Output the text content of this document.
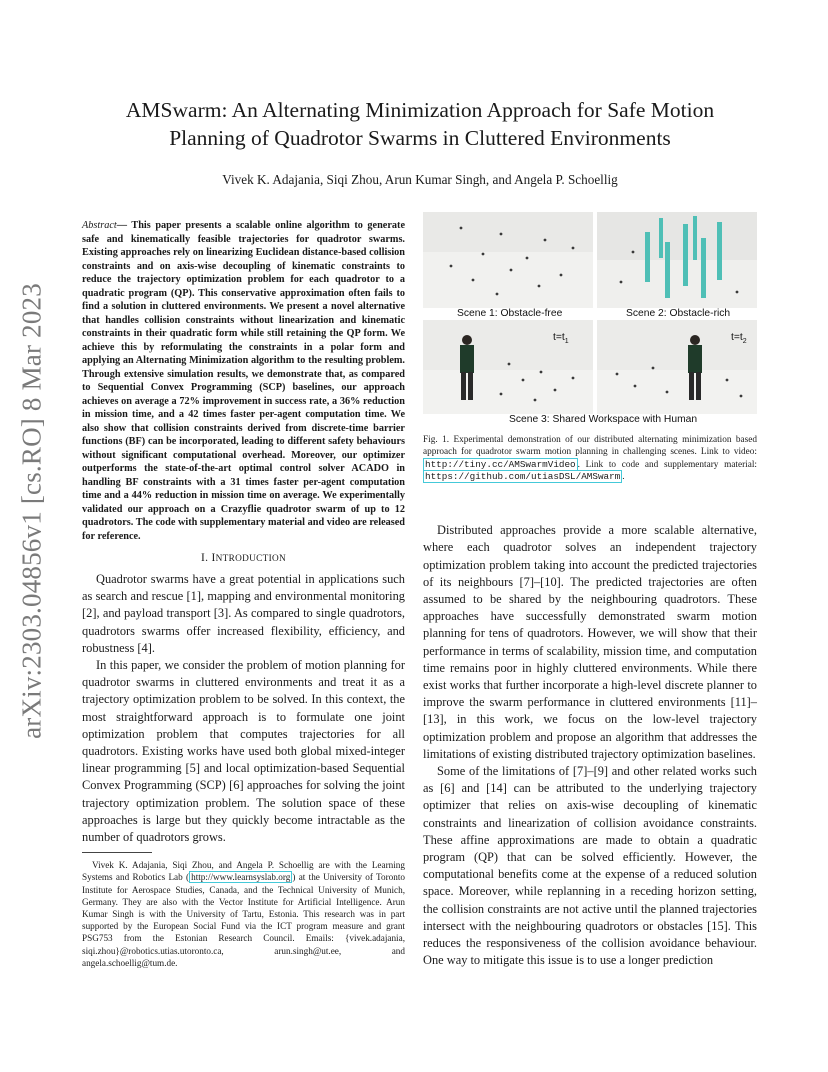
arXiv:2303.04856v1 [cs.RO] 8 Mar 2023
AMSwarm: An Alternating Minimization Approach for Safe Motion
Planning of Quadrotor Swarms in Cluttered Environments

Vivek K. Adajania, Siqi Zhou, Arun Kumar Singh, and Angela P. Schoellig

Abstract— This paper presents a scalable online algorithm to generate safe and kinematically feasible trajectories for quadrotor swarms. Existing approaches rely on linearizing Euclidean distance-based collision constraints and on axis-wise decoupling of kinematic constraints to reduce the trajectory optimization problem for each quadrotor to a quadratic program (QP). This conservative approximation often fails to find a solution in cluttered environments. We present a novel alternative that handles collision constraints without linearization and kinematic constraints in their quadratic form while still retaining the QP form. We achieve this by reformulating the constraints in a polar form and applying an Alternating Minimization algorithm to the resulting problem. Through extensive simulation results, we demonstrate that, as compared to Sequential Convex Programming (SCP) baselines, our approach achieves on average a 72% improvement in success rate, a 36% reduction in mission time, and a 42 times faster per-agent computation time. We also show that collision constraints derived from discrete-time barrier functions (BF) can be incorporated, leading to different safety behaviours without significant computational overhead. Moreover, our optimizer outperforms the state-of-the-art optimal control solver ACADO in handling BF constraints with a 31 times faster per-agent computation time and a 44% reduction in mission time on average. We experimentally validated our approach on a Crazyflie quadrotor swarm of up to 12 quadrotors. The code with supplementary material and video are released for reference.

I. INTRODUCTION

Quadrotor swarms have a great potential in applications such as search and rescue [1], mapping and environmental monitoring [2], and payload transport [3]. As compared to single quadrotors, quadrotors swarms offer increased flexibility, efficiency, and robustness [4].

In this paper, we consider the problem of motion planning for quadrotor swarms in cluttered environments and treat it as a trajectory optimization problem to be solved. In this context, the most straightforward approach is to formulate one joint optimization problem that computes trajectories for all quadrotors. Existing works have used both global mixed-integer linear programming [5] and local optimization-based Sequential Convex Programming (SCP) [6] approaches for solving the joint trajectory optimization problem. The solution space of these approaches is large but they quickly become intractable as the number of quadrotors grows.

Vivek K. Adajania, Siqi Zhou, and Angela P. Schoellig are with the Learning Systems and Robotics Lab ( http://www.learnsyslab.org ) at the University of Toronto Institute for Aerospace Studies, Canada, and the Technical University of Munich, Germany. They are also with the Vector Institute for Artificial Intelligence. Arun Kumar Singh is with the University of Tartu, Estonia. This research was in part supported by the European Social Fund via the ICT program measure and grant PSG753 from the Estonian Research Council. Emails: {vivek.adajania, siqi.zhou}@robotics.utias.utoronto.ca, arun.singh@ut.ee, and angela.schoellig@tum.de.

Scene 1: Obstacle-free	Scene 2: Obstacle-rich
$t=t_1$	$t=t_2$
Scene 3: Shared Workspace with Human

Fig. 1. Experimental demonstration of our distributed alternating minimization based approach for quadrotor swarm motion planning in challenging scenes. Link to video: http://tiny.cc/AMSwarmVideo . Link to code and supplementary material: https://github.com/utiasDSL/AMSwarm .

Distributed approaches provide a more scalable alternative, where each quadrotor solves an independent trajectory optimization problem taking into account the predicted trajectories of its neighbours [7]–[10]. The predicted trajectories are often assumed to be shared by the neighbouring quadrotors. These approaches have successfully demonstrated swarm motion planning for tens of quadrotors. However, we will show that their performance in terms of scalability, mission time, and computation time remains poor in highly cluttered environments. While there exist works that further incorporate a high-level discrete planner to improve the swarm performance in cluttered environments [11]–[13], in this work, we focus on the low-level trajectory optimization problem and propose an algorithm that addresses the limitations of existing distributed trajectory optimization baselines.

Some of the limitations of [7]–[9] and other related works such as [6] and [14] can be attributed to the underlying trajectory optimizer that relies on axis-wise decoupling of kinematic constraints and linearization of collision avoidance constraints. These affine approximations are made to obtain a quadratic program (QP) that can be solved efficiently. However, the computational benefits come at the expense of a reduced solution space. Moreover, while replanning in a receding horizon setting, the collision constraints are not active until the planned trajectories intersect with the neighbouring quadrotors or obstacles [15]. This reduces the responsiveness of the collision avoidance behaviour. One way to mitigate this issue is to use a longer prediction
